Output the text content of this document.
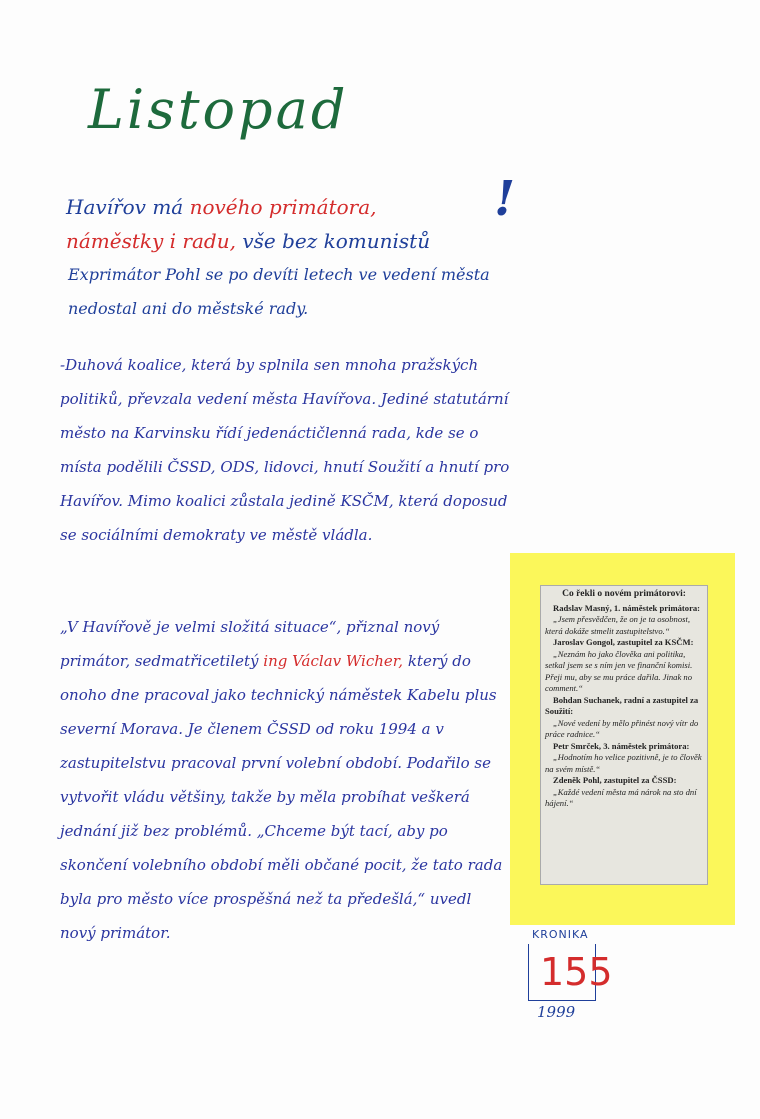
Listopad
Havířov má nového primátora,
náměstky i radu, vše bez komunistů
!
Exprimátor Pohl se po devíti letech ve vedení města nedostal ani do městské rady.
-Duhová koalice, která by splnila sen mnoha pražských politiků, převzala vedení města Havířova. Jediné statutární město na Karvinsku řídí jedenáctičlenná rada, kde se o místa podělili ČSSD, ODS, lidovci, hnutí Soužití a hnutí pro Havířov. Mimo koalici zůstala jedině KSČM, která doposud se sociálními demokraty ve městě vládla.
„V Havířově je velmi složitá situace“, přiznal nový primátor, sedmatřicetiletý ing Václav Wicher, který do onoho dne pracoval jako technický náměstek Kabelu plus severní Morava. Je členem ČSSD od roku 1994 a v zastupitelstvu pracoval první volební období. Podařilo se vytvořit vládu většiny, takže by měla probíhat veškerá jednání již bez problémů. „Chceme být tací, aby po skončení volebního období měli občané pocit, že tato rada byla pro město více prospěšná než ta předešlá,“ uvedl nový primátor.
Co řekli o novém primátorovi:
Radslav Masný, 1. náměstek primátora:
„Jsem přesvědčen, že on je ta osobnost, která dokáže stmelit zastupitelstvo.“
Jaroslav Gongol, zastupitel za KSČM:
„Neznám ho jako člověka ani politika, setkal jsem se s ním jen ve finanční komisi. Přeji mu, aby se mu práce dařila. Jinak no comment.“
Bohdan Suchanek, radní a zastupitel za Soužití:
„Nové vedení by mělo přinést nový vítr do práce radnice.“
Petr Smrček, 3. náměstek primátora:
„Hodnotím ho velice pozitivně, je to člověk na svém místě.“
Zdeněk Pohl, zastupitel za ČSSD:
„Každé vedení města má nárok na sto dní hájení.“
KRONIKA
155
1999
